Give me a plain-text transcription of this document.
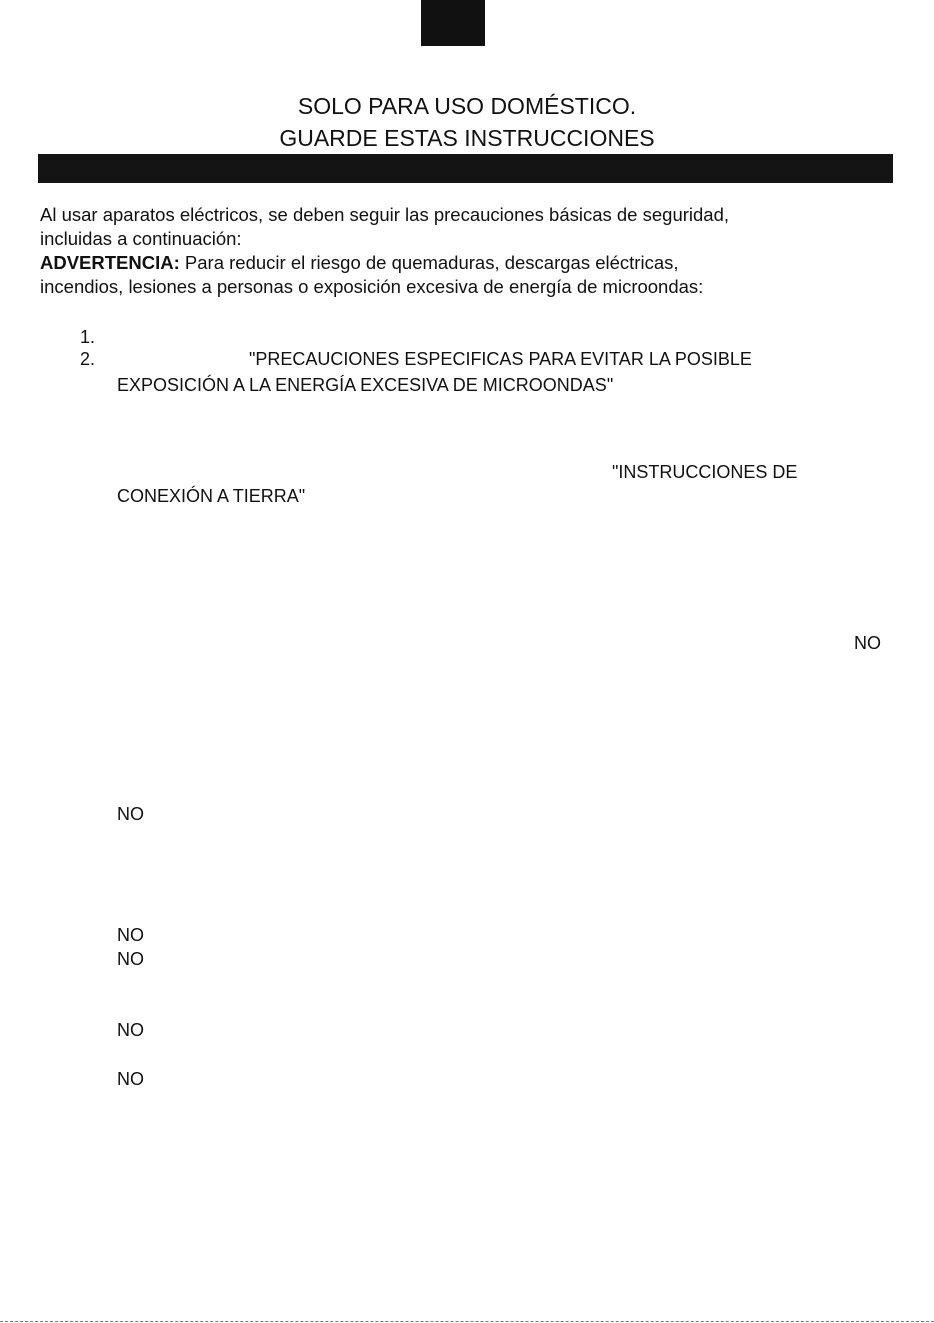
SOLO PARA USO DOMÉSTICO.
GUARDE ESTAS INSTRUCCIONES
Al usar aparatos eléctricos, se deben seguir las precauciones básicas de seguridad,
incluidas a continuación:
ADVERTENCIA: Para reducir el riesgo de quemaduras, descargas eléctricas,
incendios, lesiones a personas o exposición excesiva de energía de microondas:
1.
2.	"PRECAUCIONES ESPECIFICAS PARA EVITAR LA POSIBLE
EXPOSICIÓN A LA ENERGÍA EXCESIVA DE MICROONDAS"
"INSTRUCCIONES DE
CONEXIÓN A TIERRA"
NO
NO
NO
NO
NO
NO
